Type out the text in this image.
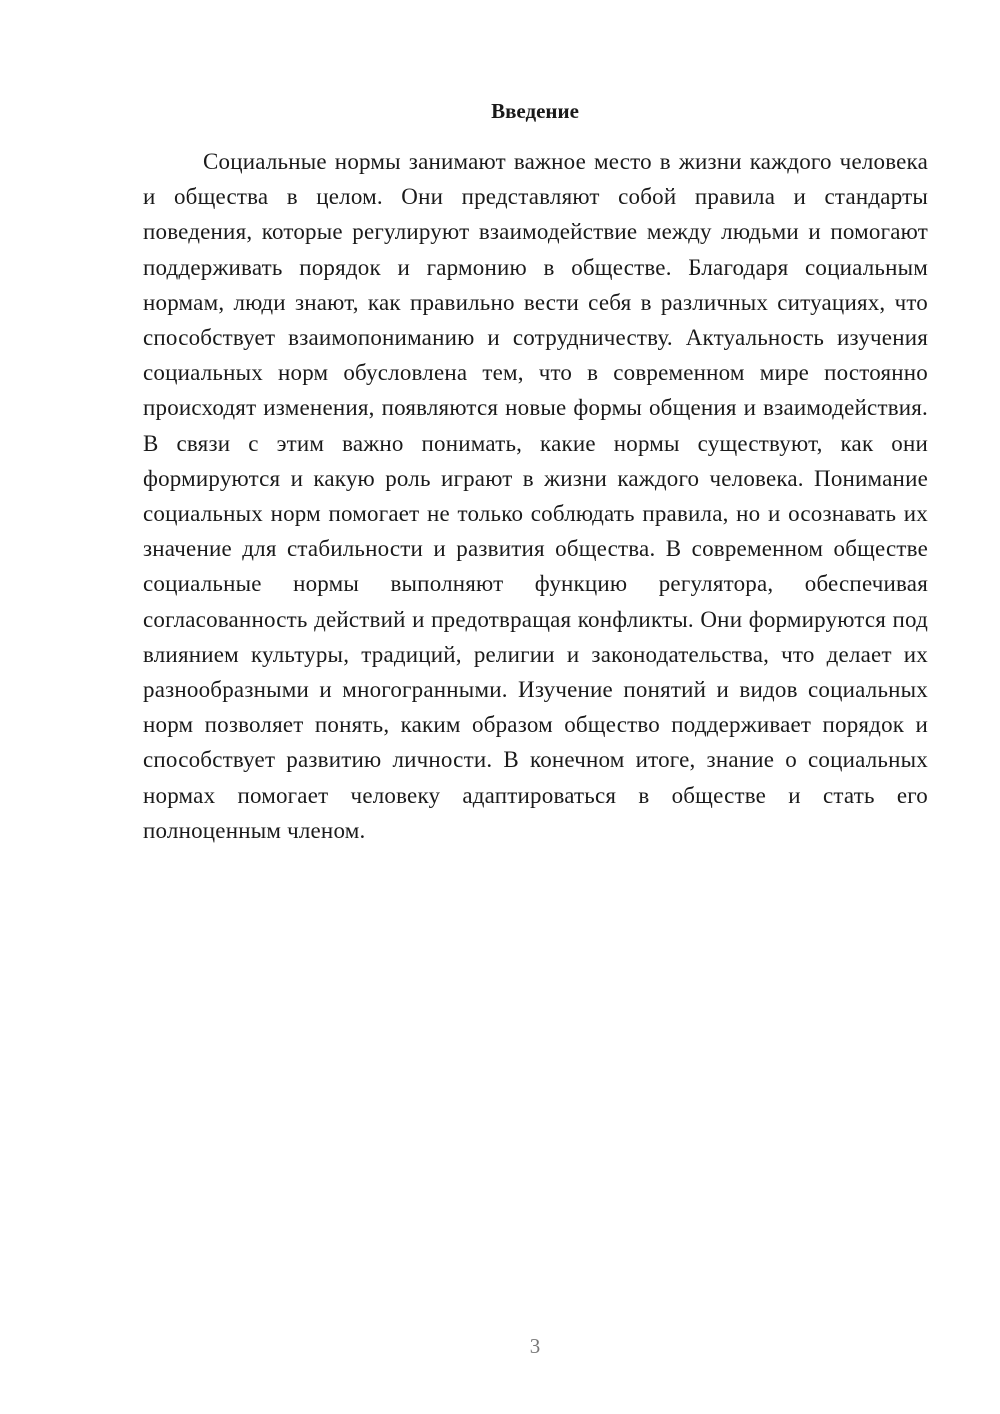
Введение

Социальные нормы занимают важное место в жизни каждого человека и общества в целом. Они представляют собой правила и стандарты поведения, которые регулируют взаимодействие между людьми и помогают поддерживать порядок и гармонию в обществе. Благодаря социальным нормам, люди знают, как правильно вести себя в различных ситуациях, что способствует взаимопониманию и сотрудничеству. Актуальность изучения социальных норм обусловлена тем, что в современном мире постоянно происходят изменения, появляются новые формы общения и взаимодействия. В связи с этим важно понимать, какие нормы существуют, как они формируются и какую роль играют в жизни каждого человека. Понимание социальных норм помогает не только соблюдать правила, но и осознавать их значение для стабильности и развития общества. В современном обществе социальные нормы выполняют функцию регулятора, обеспечивая согласованность действий и предотвращая конфликты. Они формируются под влиянием культуры, традиций, религии и законодательства, что делает их разнообразными и многогранными. Изучение понятий и видов социальных норм позволяет понять, каким образом общество поддерживает порядок и способствует развитию личности. В конечном итоге, знание о социальных нормах помогает человеку адаптироваться в обществе и стать его полноценным членом.

3
